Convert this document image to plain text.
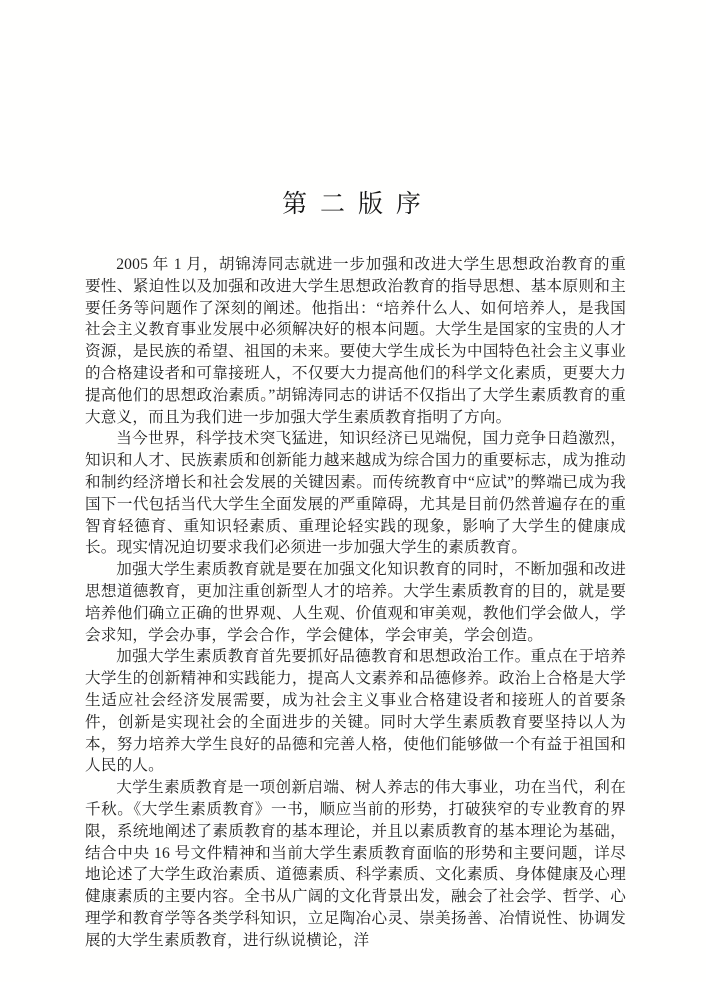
第 二 版 序

2005 年 1 月，胡锦涛同志就进一步加强和改进大学生思想政治教育的重要性、紧迫性以及加强和改进大学生思想政治教育的指导思想、基本原则和主要任务等问题作了深刻的阐述。他指出：“培养什么人、如何培养人，是我国社会主义教育事业发展中必须解决好的根本问题。大学生是国家的宝贵的人才资源，是民族的希望、祖国的未来。要使大学生成长为中国特色社会主义事业的合格建设者和可靠接班人，不仅要大力提高他们的科学文化素质，更要大力提高他们的思想政治素质。”胡锦涛同志的讲话不仅指出了大学生素质教育的重大意义，而且为我们进一步加强大学生素质教育指明了方向。

当今世界，科学技术突飞猛进，知识经济已见端倪，国力竞争日趋激烈，知识和人才、民族素质和创新能力越来越成为综合国力的重要标志，成为推动和制约经济增长和社会发展的关键因素。而传统教育中“应试”的弊端已成为我国下一代包括当代大学生全面发展的严重障碍，尤其是目前仍然普遍存在的重智育轻德育、重知识轻素质、重理论轻实践的现象，影响了大学生的健康成长。现实情况迫切要求我们必须进一步加强大学生的素质教育。

加强大学生素质教育就是要在加强文化知识教育的同时，不断加强和改进思想道德教育，更加注重创新型人才的培养。大学生素质教育的目的，就是要培养他们确立正确的世界观、人生观、价值观和审美观，教他们学会做人，学会求知，学会办事，学会合作，学会健体，学会审美，学会创造。

加强大学生素质教育首先要抓好品德教育和思想政治工作。重点在于培养大学生的创新精神和实践能力，提高人文素养和品德修养。政治上合格是大学生适应社会经济发展需要，成为社会主义事业合格建设者和接班人的首要条件，创新是实现社会的全面进步的关键。同时大学生素质教育要坚持以人为本，努力培养大学生良好的品德和完善人格，使他们能够做一个有益于祖国和人民的人。

大学生素质教育是一项创新启端、树人养志的伟大事业，功在当代，利在千秋。《大学生素质教育》一书，顺应当前的形势，打破狭窄的专业教育的界限，系统地阐述了素质教育的基本理论，并且以素质教育的基本理论为基础，结合中央 16 号文件精神和当前大学生素质教育面临的形势和主要问题，详尽地论述了大学生政治素质、道德素质、科学素质、文化素质、身体健康及心理健康素质的主要内容。全书从广阔的文化背景出发，融会了社会学、哲学、心理学和教育学等各类学科知识，立足陶冶心灵、崇美扬善、冶情说性、协调发展的大学生素质教育，进行纵说横论，洋
